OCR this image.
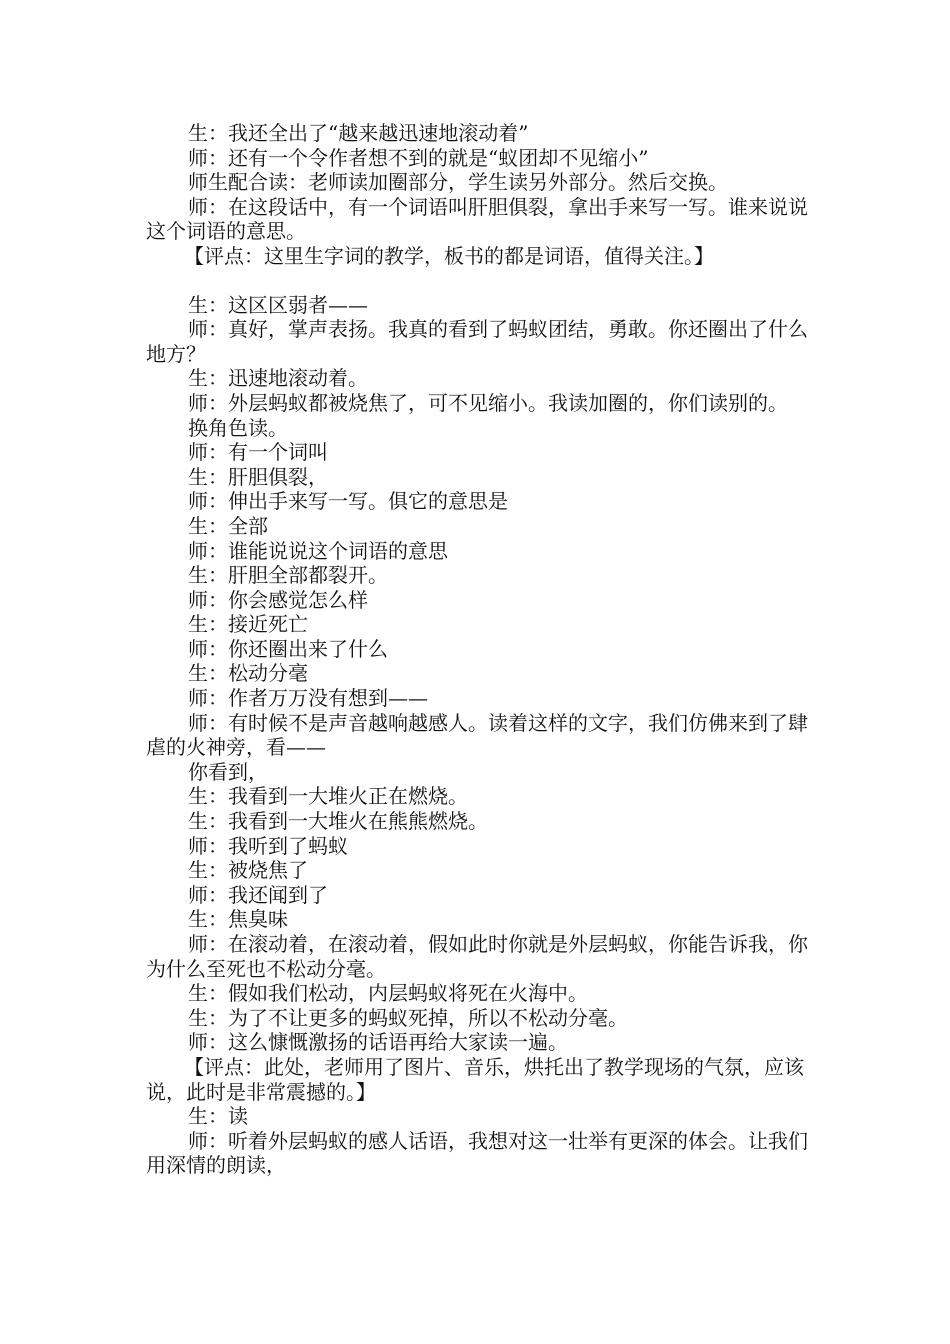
生：我还全出了“越来越迅速地滚动着”

师：还有一个令作者想不到的就是“蚁团却不见缩小”

师生配合读：老师读加圈部分，学生读另外部分。然后交换。

师：在这段话中，有一个词语叫肝胆俱裂，拿出手来写一写。谁来说说这个词语的意思。

【评点：这里生字词的教学，板书的都是词语，值得关注。】

生：这区区弱者——

师：真好，掌声表扬。我真的看到了蚂蚁团结，勇敢。你还圈出了什么地方？

生：迅速地滚动着。

师：外层蚂蚁都被烧焦了，可不见缩小。我读加圈的，你们读别的。

换角色读。

师：有一个词叫

生：肝胆俱裂，

师：伸出手来写一写。俱它的意思是

生：全部

师：谁能说说这个词语的意思

生：肝胆全部都裂开。

师：你会感觉怎么样

生：接近死亡

师：你还圈出来了什么

生：松动分毫

师：作者万万没有想到——

师：有时候不是声音越响越感人。读着这样的文字，我们仿佛来到了肆虐的火神旁，看——

你看到，

生：我看到一大堆火正在燃烧。

生：我看到一大堆火在熊熊燃烧。

师：我听到了蚂蚁

生：被烧焦了

师：我还闻到了

生：焦臭味

师：在滚动着，在滚动着，假如此时你就是外层蚂蚁，你能告诉我，你为什么至死也不松动分毫。

生：假如我们松动，内层蚂蚁将死在火海中。

生：为了不让更多的蚂蚁死掉，所以不松动分毫。

师：这么慷慨激扬的话语再给大家读一遍。

【评点：此处，老师用了图片、音乐，烘托出了教学现场的气氛，应该说，此时是非常震撼的。】

生：读

师：听着外层蚂蚁的感人话语，我想对这一壮举有更深的体会。让我们用深情的朗读，
